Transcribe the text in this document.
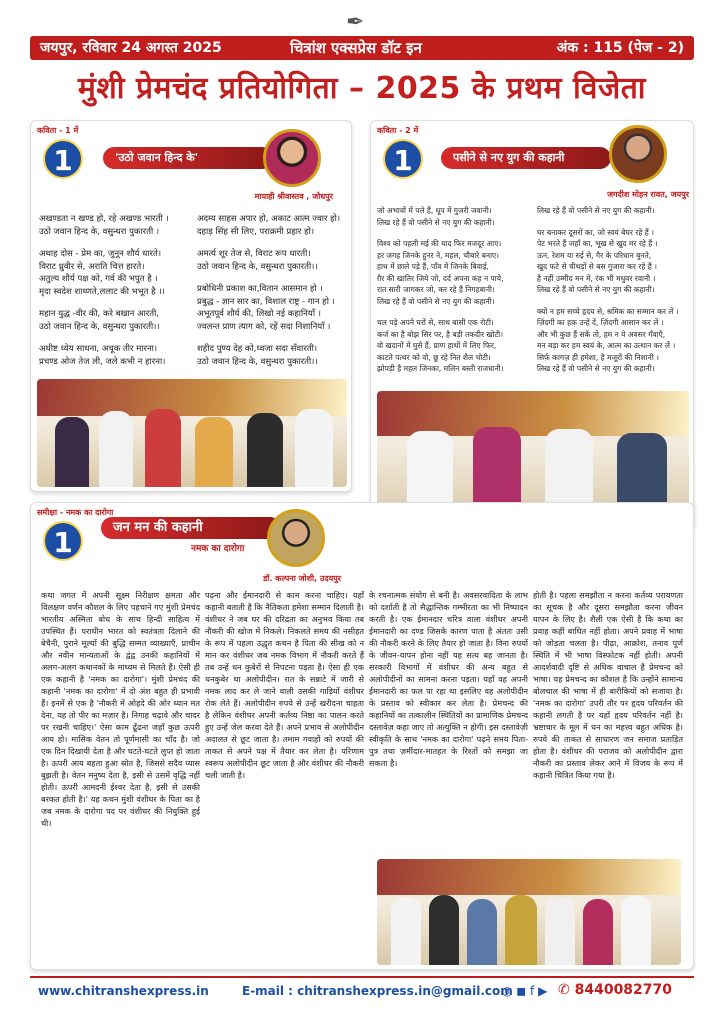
जयपुर, रविवार 24 अगस्त 2025
✒
चित्रांश एक्सप्रेस डॉट इन	अंक : 115 (पेज - 2)
मुंशी प्रेमचंद प्रतियोगिता – 2025 के प्रथम विजेता
कविता - 1 में
1	'उठो जवान हिन्द के'
मायाही श्रीवास्तव , जोधपुर

अखण्डता न खण्ड हो, रहे अखण्ड भारती ।

उठो जवान हिन्द के, वसुन्धरा पुकारती ।

अथाह दोस - प्रेम का, जुनून शौर्य धारते।

विराट ध्रुवीर से, अराति चित्त हारते।

अतुल्य शौर्य पक्ष को, गर्व की भपुत है ।

मृदा स्वदेश शाथ्णते,ललाट की भभूत है ।।

महान युद्ध -वीर की, करे बखान आरती,

उठो जवान हिन्द के, वसुन्धरा पुकारती।।

अधीष्ट ध्येय साधना, अचूक तीर मारना।

प्रचण्ड ओज तेज ली, जले कभी न हारना।

अदम्य साहस अपार हो, अकाट आत्म ज्वार हो।

दहाड़ सिंह सी लिए, पराक्रमी प्रहार हो।

अमर्त्य शूर तेज से, विराट रूप धारती।

उठो जवान हिन्द के, वसुन्धरा पुकारती।।

प्रबोधिनी प्रकाश का,वितान आसमान हो ।

प्रबुद्ध - ज्ञान सार का, विशाल राष्ट्र - गान हो ।

अभूतपूर्व शौर्य की, लिखो नई कहानियाँ ।

ज्वलन्त प्राण त्याग को, रहें सदा निशानियाँ ।

शहीद पुण्य देह को,ध्वजा सदा सँवारती।

उठो जवान हिन्द के, वसुन्धरा पुकारती।।

कविता - 2 में
1	पसीने से नए युग की कहानी
जगदीश मोहन रावत, जयपुर

जो अभावों में पले हैं, धूप में गुजरी जवानी।

लिख रहे हैं वो पसीने से नए युग की कहानी।

विश्व को पहली मई की याद फिर मजदूर आए।

हर जगह जिनके हुनर ने, महल, चौबारे बनाए।

हाथ में छाले पड़े हैं, पाँव में जिनके बिवाई,

ग़ैर की खातिर जिये जो, दर्द अपना कह न पाये,

रात सारी जागकर जो, कर रहे हैं निगहबानी।

लिख रहे हैं वो पसीने से नए युग की कहानी।

चल पड़े अपने घरों से, साथ बासी एक रोटी।

कर्ज का है बोझ सिर पर, है बड़ी तकदीर खोटी।

वो खदानों में घुसे हैं, प्राण हाथों में लिए फिर,

काटते पत्थर को वो, छू रहे नित शैल चोटी।

झोपड़ी है महल जिनका, मलिन बस्ती राजधानी।

लिख रहे हैं वो पसीने से नए युग की कहानी।

घर बनाकर दूसरों का, जो स्वयं बेघर रहे हैं ।

पेट भरते हैं जहाँ का, भूख से खुद मर रहे हैं ।

ऊन, रेशम या रुई से, गैर के परिधान बुनते,

खुद फटे से चीथड़ों से बस गुजारा कर रहे हैं ।

है नहीं उम्मीद मन में, रंक भी मधुवर रवानी ।

लिख रहे हैं वो पसीने से नए युग की कहानी।

क्यों न हम सच्चे हृदय से, श्रमिक का सम्मान कर लें ।

ज़िंदगी का हक़ उन्हें दें, ज़िंदगी आसान कर लें ।

और भी कुछ हैं सकें तो, हम न ये अवसर गँवाएँ,

मन बड़ा कर हम स्वयं के, आत्म का उत्थान कर लें ।

सिर्फ़ कागज़ ही हमेशा, है मजूरों की निशानी ।

लिख रहे हैं वो पसीने से नए युग की कहानी।

समीक्षा - नमक का दारोगा
1	जन मन की कहानी
नमक का दारोगा
डॉ. कल्पना जोशी, उदयपुर

कथा जगत में अपनी सूक्ष्म निरीक्षण क्षमता और विलक्षण वर्णन कौशल के लिए पहचाने गए मुंशी प्रेमचंद भारतीय अस्मिता बोध के साथ हिन्दी साहित्य में उपस्थित हैं। पराधीन भारत को स्वतंत्रता दिलाने की बेचैनी, पुराने मूल्यों की बुद्धि सम्मत व्याख्याएँ, प्राचीन और नवीन मान्यताओं के द्वंद्व उनकी कहानियों में अलग-अलग कथानकों के माध्यम से मिलते हैं। ऐसी ही एक कहानी है 'नमक का दारोगा'। मुंशी प्रेमचंद की कहानी 'नमक का दारोगा' में दो अंश बहुत ही प्रभावी हैं। इनमें से एक है 'नौकरी में ओहदे की ओर ध्यान मत देना, यह तो पीर का मज़ार है। निगाह चढ़ावे और चादर पर रखनी चाहिए।' ऐसा काम ढूँढना जहाँ कुछ ऊपरी आय हो। मासिक वेतन तो पूर्णमासी का चाँद है। जो एक दिन दिखायी देता है और घटते-घटते लुप्त हो जाता है। ऊपरी आय बहता हुआ स्रोत है, जिससे सदैव प्यास बुझती है। वेतन मनुष्य देता है, इसी से उसमें वृद्धि नहीं होती। ऊपरी आमदनी ईश्वर देता है, इसी से उसकी बरकत होती है।' यह कथन मुंशी वंशीधर के पिता का है जब नमक के दारोगा पद पर वंशीधर की नियुक्ति हुई थी।

पढ़ना और ईमानदारी से काम करना चाहिए। यहाँ कहानी बताती है कि नैतिकता हमेशा सम्मान दिलाती है। वंशीधर ने जब घर की दरिद्रता का अनुभव किया तब नौकरी की खोज में निकले। निकलते समय की नसीहत के रूप में पहला उद्धृत कथन है पिता की सीख को न मान कर वंशीधर जब नमक विभाग में नौकरी करते हैं तब उन्हें धन कुबेरों से निपटना पड़ता है। ऐसा ही एक धनकुबेर था अलोपीदीन। रात के सन्नाटे में जारी से नमक लाद कर ले जाने वाली उसकी गाड़ियों वंशीधर रोक लेते हैं। अलोपीदीन रुपये से उन्हें खरीदना चाहता है लेकिन वंशीधर अपनी कर्तव्य निष्ठा का पालन करते हुए उन्हें जेल करवा देते हैं। अपने प्रभाव से अलोपीदीन अदालत से छूट जाता है। तमाम गवाहों को रुपयों की ताकत से अपने पक्ष में तैयार कर लेता है। परिणाम स्वरूप अलोपीदीन छूट जाता है और वंशीधर की नौकरी चली जाती है।

के रचनात्मक संयोग से बनी है। अवसरवादिता के लाभ को दर्शाती है तो सैद्धान्तिक गम्भीरता का भी निष्पादन करती है। एक ईमानदार चरित्र वाला वंशीधर अपनी ईमानदारी का दण्ड जिसके कारण पाता है अंततः उसी की नौकरी करने के लिए तैयार हो जाता है। विना रुपयों के जीवन-यापन होना नहीं यह सत्य बह जानता है। सरकारी विभागों में वंशीधर की अन्य बहुत से अलोपीदीनों का सामना करना पड़ता। यहाँ वह अपनी ईमानदारी का फल पा रहा था इसलिए वह अलोपीदीन के प्रस्ताव को स्वीकार कर लेता है। प्रेमचन्द की कहानियों का तत्कालीन स्थितियों का प्रामाणिक प्रेमचन्द दस्तावेज़ कहा जाए तो अत्युक्ति न होगी। इस दस्तावेज़ी स्वीकृति के साथ 'नमक का दारोगा' पढ़ने समय पिता-पुत्र तथा ज़मींदार-मातहत के रिश्तों को समझा जा सकता है।

होती है। पहला समझौता न करना कर्तव्य परायणता का सूचक है और दूसरा समझौता करना जीवन यापन के लिए है। शैली एक ऐसी है कि कथा का प्रवाह कहीं बाधित नहीं होता। अपने प्रवाह में भाषा को जोड़ता चलता है। पीढ़ा, आक्रोश, तनाव पूर्ण स्थिति में भी भाषा विस्फोटक नहीं होती। अपनी आदर्शवादी दृष्टि से अधिक वाचाल है प्रेमचन्द को भाषा। यह प्रेमचन्द का कौशल है कि उन्होंने सामान्य बोलचाल की भाषा में ही बारीकियों को सजाया है। 'नमक का दारोगा' उपरी तौर पर हृदय परिवर्तन की कहानी लगती है पर यहाँ हृदय परिवर्तन नहीं है। भ्रष्टाचार के मूल में धन का महत्त्व बहुत अधिक है। रुपये की ताकत से साधारण जन समाज प्रताड़ित होता है। वंशीधर की पराजय को अलोपीदीन द्वारा नौकरी का प्रस्ताव लेकर आने में विजय के रूप में कहानी चित्रित किया गया है।

www.chitranshexpress.in	E-mail : chitranshexpress.in@gmail.com
◎ ◼ f ▶ ✆ 8440082770
